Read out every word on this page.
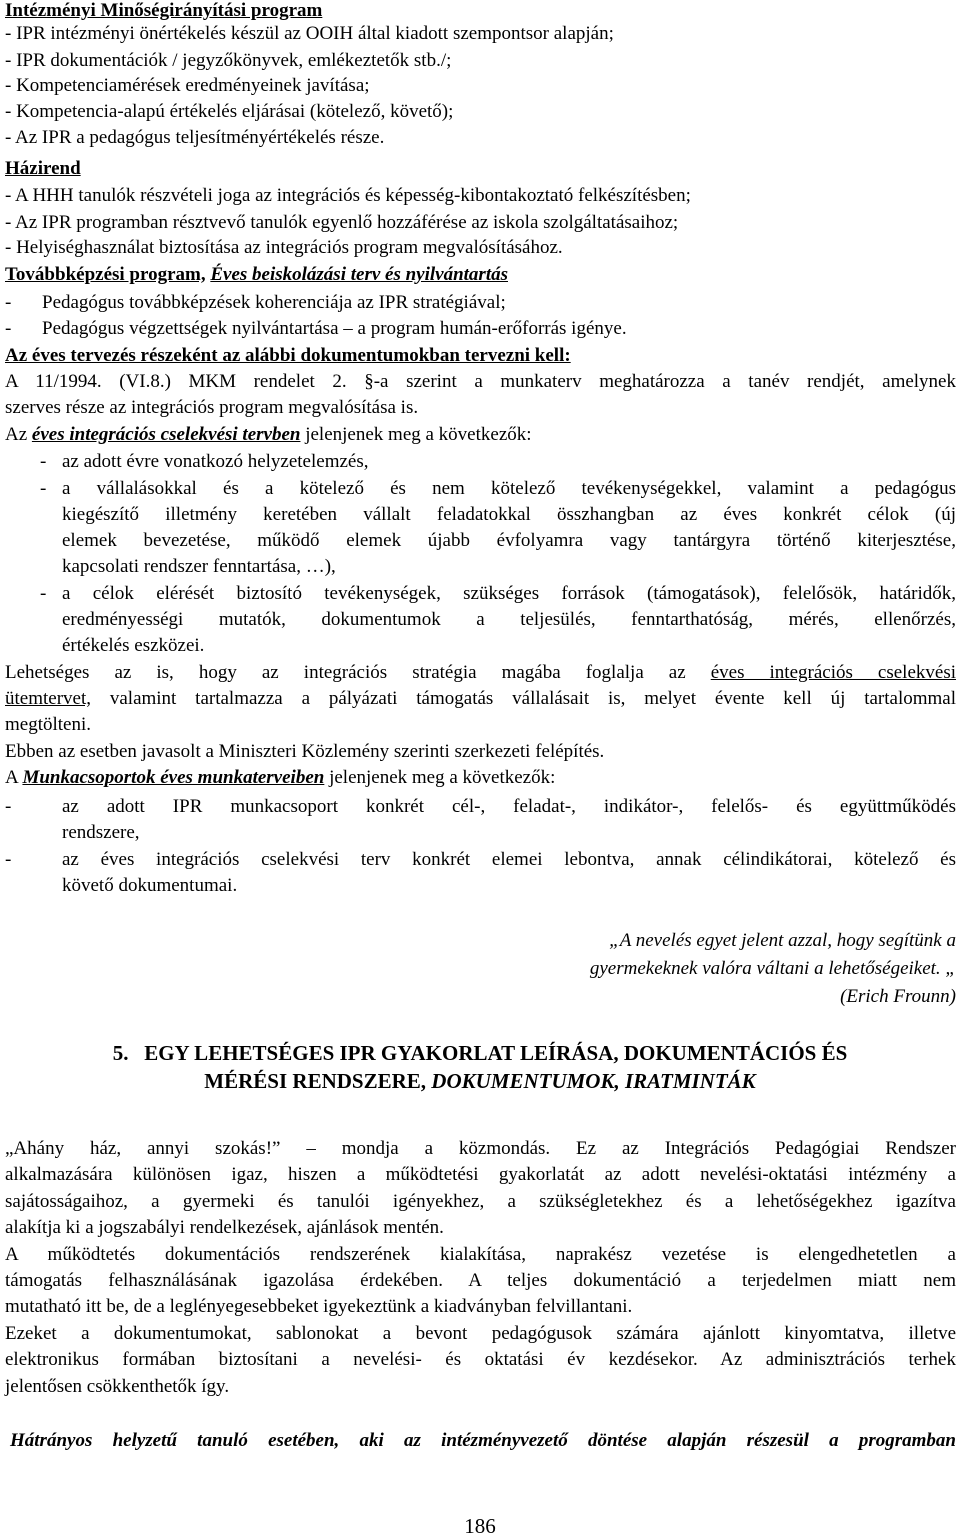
Intézményi Minőségirányítási program
- IPR intézményi önértékelés készül az OOIH által kiadott szempontsor alapján;
- IPR dokumentációk / jegyzőkönyvek, emlékeztetők stb./;
- Kompetenciamérések eredményeinek javítása;
- Kompetencia-alapú értékelés eljárásai (kötelező, követő);
- Az IPR a pedagógus teljesítményértékelés része.
Házirend
- A HHH tanulók részvételi joga az integrációs és képesség-kibontakoztató felkészítésben;
- Az IPR programban résztvevő tanulók egyenlő hozzáférése az iskola szolgáltatásaihoz;
- Helyiséghasználat biztosítása az integrációs program megvalósításához.
Továbbképzési program, Éves beiskolázási terv és nyilvántartás
- Pedagógus továbbképzések koherenciája az IPR stratégiával;
- Pedagógus végzettségek nyilvántartása – a program humán-erőforrás igénye.
Az éves tervezés részeként az alábbi dokumentumokban tervezni kell:
A 11/1994. (VI.8.) MKM rendelet 2. §-a szerint a munkaterv meghatározza a tanév rendjét, amelynek
szerves része az integrációs program megvalósítása is.
Az éves integrációs cselekvési tervben jelenjenek meg a következők:
- az adott évre vonatkozó helyzetelemzés,
- a vállalásokkal és a kötelező és nem kötelező tevékenységekkel, valamint a pedagógus
kiegészítő illetmény keretében vállalt feladatokkal összhangban az éves konkrét célok (új
elemek bevezetése, működő elemek újabb évfolyamra vagy tantárgyra történő kiterjesztése,
kapcsolati rendszer fenntartása, …),
- a célok elérését biztosító tevékenységek, szükséges források (támogatások), felelősök, határidők,
eredményességi mutatók, dokumentumok a teljesülés, fenntarthatóság, mérés, ellenőrzés,
értékelés eszközei.
Lehetséges az is, hogy az integrációs stratégia magába foglalja az éves integrációs cselekvési
ütemtervet, valamint tartalmazza a pályázati támogatás vállalásait is, melyet évente kell új tartalommal
megtölteni.
Ebben az esetben javasolt a Miniszteri Közlemény szerinti szerkezeti felépítés.
A Munkacsoportok éves munkaterveiben jelenjenek meg a következők:
-	az adott IPR munkacsoport konkrét cél-, feladat-, indikátor-, felelős- és együttműködés
rendszere,
-	az éves integrációs cselekvési terv konkrét elemei lebontva, annak célindikátorai, kötelező és
követő dokumentumai.
„A nevelés egyet jelent azzal, hogy segítünk a
gyermekeknek valóra váltani a lehetőségeiket. „
(Erich Frounn)
5. EGY LEHETSÉGES IPR GYAKORLAT LEÍRÁSA, DOKUMENTÁCIÓS ÉS
MÉRÉSI RENDSZERE, DOKUMENTUMOK, IRATMINTÁK
„Ahány ház, annyi szokás!” – mondja a közmondás. Ez az Integrációs Pedagógiai Rendszer
alkalmazására különösen igaz, hiszen a működtetési gyakorlatát az adott nevelési-oktatási intézmény a
sajátosságaihoz, a gyermeki és tanulói igényekhez, a szükségletekhez és a lehetőségekhez igazítva
alakítja ki a jogszabályi rendelkezések, ajánlások mentén.
A működtetés dokumentációs rendszerének kialakítása, naprakész vezetése is elengedhetetlen a
támogatás felhasználásának igazolása érdekében. A teljes dokumentáció a terjedelmen miatt nem
mutatható itt be, de a leglényegesebbeket igyekeztünk a kiadványban felvillantani.
Ezeket a dokumentumokat, sablonokat a bevont pedagógusok számára ajánlott kinyomtatva, illetve
elektronikus formában biztosítani a nevelési- és oktatási év kezdésekor. Az adminisztrációs terhek
jelentősen csökkenthetők így.
Hátrányos helyzetű tanuló esetében, aki az intézményvezető döntése alapján részesül a programban
186
